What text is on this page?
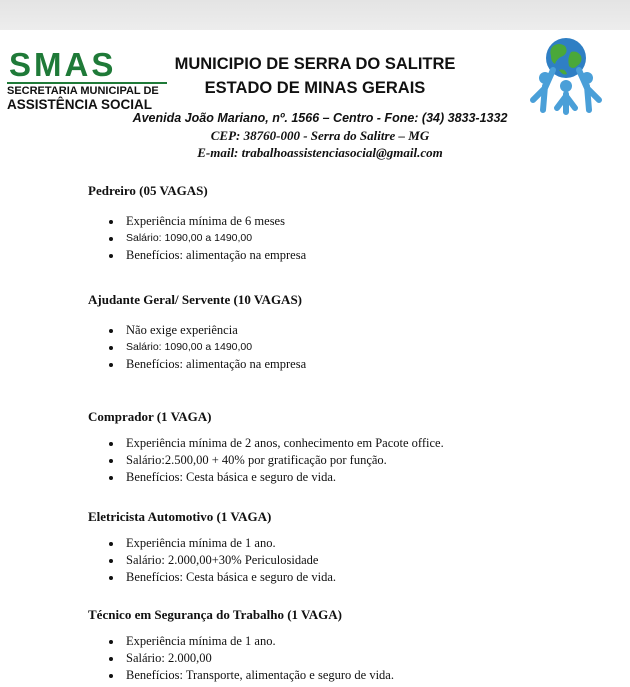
SMAS
SECRETARIA MUNICIPAL DE
ASSISTÊNCIA SOCIAL
MUNICIPIO DE SERRA DO SALITRE
ESTADO DE MINAS GERAIS
Avenida João Mariano, nº. 1566 – Centro - Fone: (34) 3833-1332
CEP: 38760-000 - Serra do Salitre – MG
E-mail: trabalhoassistenciasocial@gmail.com

Pedreiro (05 VAGAS)

Experiência mínima de 6 meses
Salário: 1090,00 a 1490,00
Benefícios: alimentação na empresa

Ajudante Geral/ Servente (10 VAGAS)

Não exige experiência
Salário: 1090,00 a 1490,00
Benefícios: alimentação na empresa

Comprador (1 VAGA)

Experiência mínima de 2 anos, conhecimento em Pacote office.
Salário:2.500,00 + 40% por gratificação por função.
Benefícios: Cesta básica e seguro de vida.

Eletricista Automotivo (1 VAGA)

Experiência mínima de 1 ano.
Salário: 2.000,00+30% Periculosidade
Benefícios: Cesta básica e seguro de vida.

Técnico em Segurança do Trabalho (1 VAGA)

Experiência mínima de 1 ano.
Salário: 2.000,00
Benefícios: Transporte, alimentação e seguro de vida.
